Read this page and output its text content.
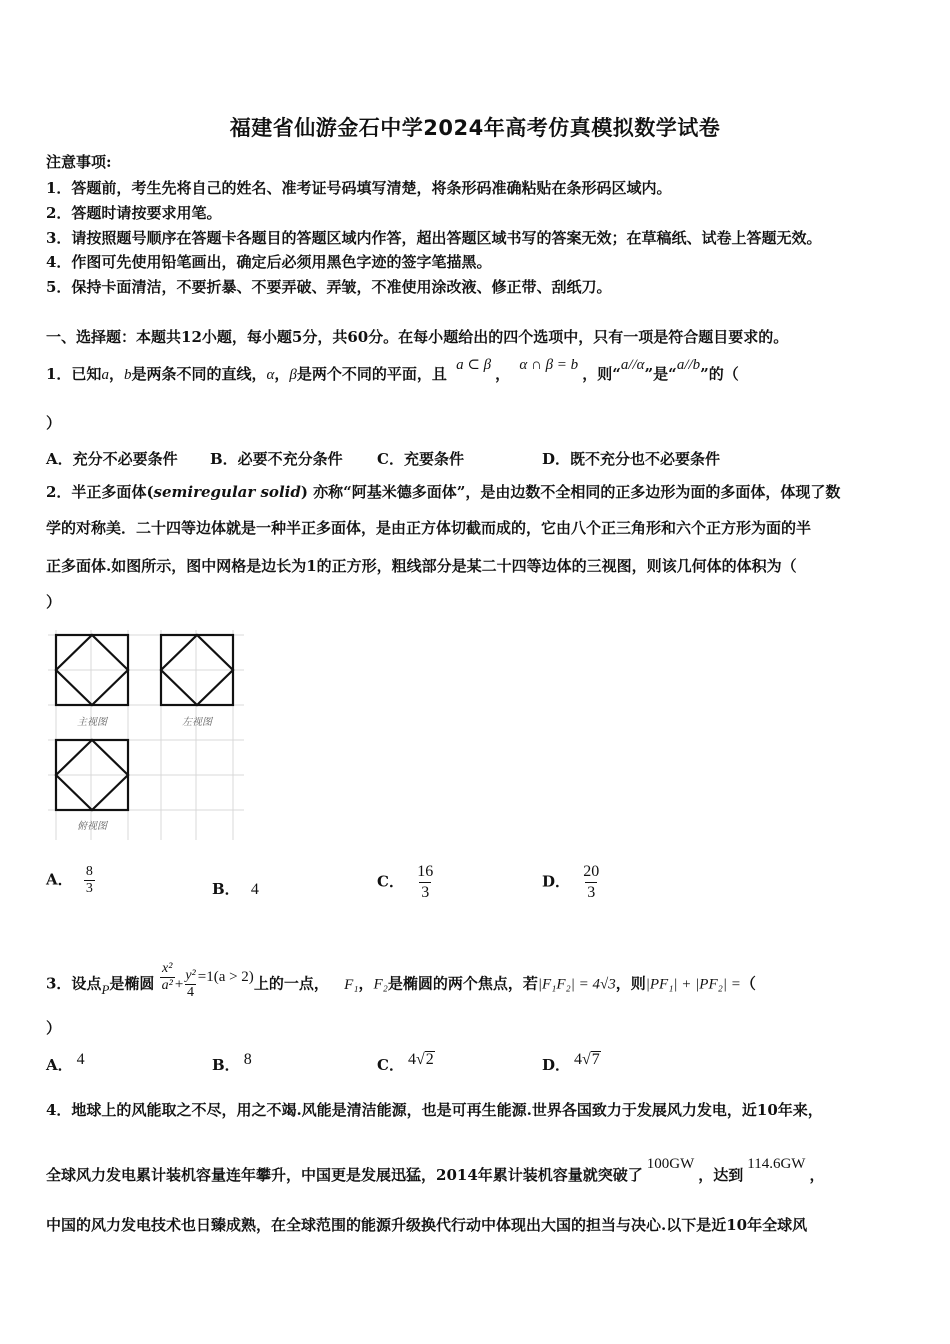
福建省仙游金石中学2024年高考仿真模拟数学试卷
注意事项:
1．答题前，考生先将自己的姓名、准考证号码填写清楚，将条形码准确粘贴在条形码区域内。
2．答题时请按要求用笔。
3．请按照题号顺序在答题卡各题目的答题区域内作答，超出答题区域书写的答案无效；在草稿纸、试卷上答题无效。
4．作图可先使用铅笔画出，确定后必须用黑色字迹的签字笔描黑。
5．保持卡面清洁，不要折暴、不要弄破、弄皱，不准使用涂改液、修正带、刮纸刀。
一、选择题：本题共12小题，每小题5分，共60分。在每小题给出的四个选项中，只有一项是符合题目要求的。
1．已知a，b是两条不同的直线，α，β是两个不同的平面，且 a ⊂ β ， α ∩ β = b ，则“a//α”是“a//b”的（
）
A．充分不必要条件 B．必要不充分条件 C．充要条件	D．既不充分也不必要条件
2．半正多面体(semiregular solid) 亦称“阿基米德多面体”，是由边数不全相同的正多边形为面的多面体，体现了数
学的对称美．二十四等边体就是一种半正多面体，是由正方体切截而成的，它由八个正三角形和六个正方形为面的半
正多面体.如图所示，图中网格是边长为1的正方形，粗线部分是某二十四等边体的三视图，则该几何体的体积为（
）
主视图	左视图
俯视图
A． $\frac{8}{3}$	B． 4	C． $\frac{16}{3}$	D． $\frac{20}{3}$
3．设点P是椭圆 $\frac{\text{x²}}{\text{a²}} + \frac{\text{y²}}{4} =1(a > 2)$上的一点， F₁，F₂是椭圆的两个焦点，若|F₁F₂| = 4√3，则|PF₁| + |PF₂| =（
）
A． 4	B． 8	C． 4√2	D． 4√7
4．地球上的风能取之不尽，用之不竭.风能是清洁能源，也是可再生能源.世界各国致力于发展风力发电，近10年来，
全球风力发电累计装机容量连年攀升，中国更是发展迅猛，2014年累计装机容量就突破了100GW，达到114.6GW，
中国的风力发电技术也日臻成熟，在全球范围的能源升级换代行动中体现出大国的担当与决心.以下是近10年全球风
